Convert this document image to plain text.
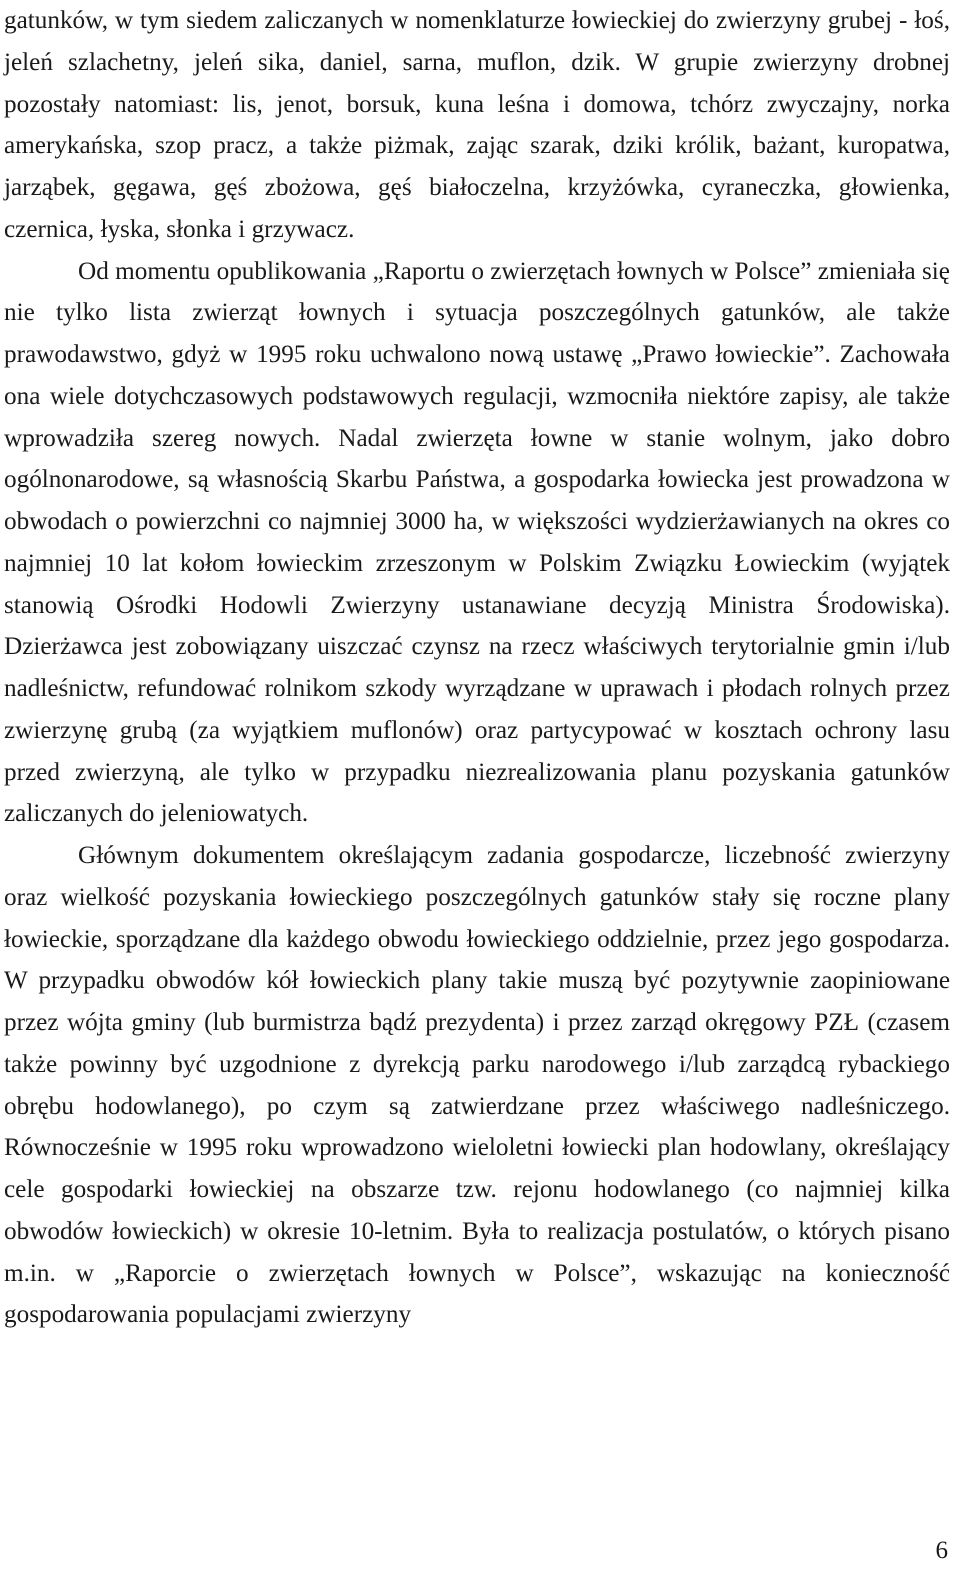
gatunków, w tym siedem zaliczanych w nomenklaturze łowieckiej do zwierzyny grubej - łoś, jeleń szlachetny, jeleń sika, daniel, sarna, muflon, dzik. W grupie zwierzyny drobnej pozostały natomiast: lis, jenot, borsuk, kuna leśna i domowa, tchórz zwyczajny, norka amerykańska, szop pracz, a także piżmak, zając szarak, dziki królik, bażant, kuropatwa, jarząbek, gęgawa, gęś zbożowa, gęś białoczelna, krzyżówka, cyraneczka, głowienka, czernica, łyska, słonka i grzywacz.

Od momentu opublikowania „Raportu o zwierzętach łownych w Polsce” zmieniała się nie tylko lista zwierząt łownych i sytuacja poszczególnych gatunków, ale także prawodawstwo, gdyż w 1995 roku uchwalono nową ustawę „Prawo łowieckie”. Zachowała ona wiele dotychczasowych podstawowych regulacji, wzmocniła niektóre zapisy, ale także wprowadziła szereg nowych. Nadal zwierzęta łowne w stanie wolnym, jako dobro ogólnonarodowe, są własnością Skarbu Państwa, a gospodarka łowiecka jest prowadzona w obwodach o powierzchni co najmniej 3000 ha, w większości wydzierżawianych na okres co najmniej 10 lat kołom łowieckim zrzeszonym w Polskim Związku Łowieckim (wyjątek stanowią Ośrodki Hodowli Zwierzyny ustanawiane decyzją Ministra Środowiska). Dzierżawca jest zobowiązany uiszczać czynsz na rzecz właściwych terytorialnie gmin i/lub nadleśnictw, refundować rolnikom szkody wyrządzane w uprawach i płodach rolnych przez zwierzynę grubą (za wyjątkiem muflonów) oraz partycypować w kosztach ochrony lasu przed zwierzyną, ale tylko w przypadku niezrealizowania planu pozyskania gatunków zaliczanych do jeleniowatych.

Głównym dokumentem określającym zadania gospodarcze, liczebność zwierzyny oraz wielkość pozyskania łowieckiego poszczególnych gatunków stały się roczne plany łowieckie, sporządzane dla każdego obwodu łowieckiego oddzielnie, przez jego gospodarza. W przypadku obwodów kół łowieckich plany takie muszą być pozytywnie zaopiniowane przez wójta gminy (lub burmistrza bądź prezydenta) i przez zarząd okręgowy PZŁ (czasem także powinny być uzgodnione z dyrekcją parku narodowego i/lub zarządcą rybackiego obrębu hodowlanego), po czym są zatwierdzane przez właściwego nadleśniczego. Równocześnie w 1995 roku wprowadzono wieloletni łowiecki plan hodowlany, określający cele gospodarki łowieckiej na obszarze tzw. rejonu hodowlanego (co najmniej kilka obwodów łowieckich) w okresie 10-letnim. Była to realizacja postulatów, o których pisano m.in. w „Raporcie o zwierzętach łownych w Polsce”, wskazując na konieczność gospodarowania populacjami zwierzyny

6
